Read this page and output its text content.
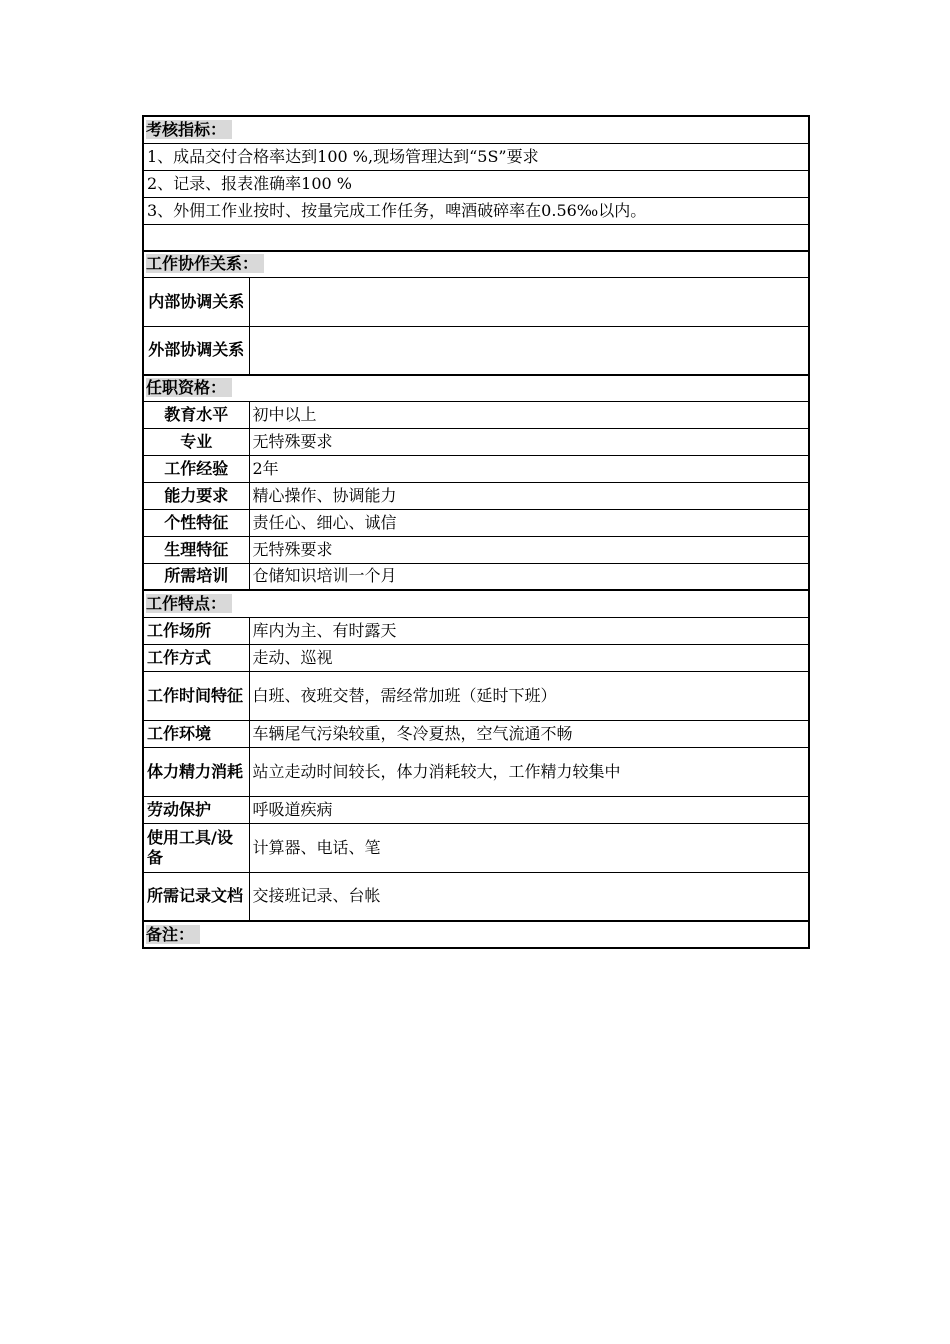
考核指标：	
1、成品交付合格率达到100 %,现场管理达到“5S”要求	
2、记录、报表准确率100 %	
3、外佣工作业按时、按量完成工作任务，啤酒破碎率在0.56‰以内。	

工作协作关系：	
内部协调关系	
外部协调关系	
任职资格：	
教育水平	初中以上
专业	无特殊要求
工作经验	2年
能力要求	精心操作、协调能力
个性特征	责任心、细心、诚信
生理特征	无特殊要求
所需培训	仓储知识培训一个月
工作特点：	
工作场所	库内为主、有时露天
工作方式	走动、巡视
工作时间特征	白班、夜班交替，需经常加班（延时下班）
工作环境	车辆尾气污染较重，冬冷夏热，空气流通不畅
体力精力消耗	站立走动时间较长，体力消耗较大，工作精力较集中
劳动保护	呼吸道疾病
使用工具/设备	计算器、电话、笔
所需记录文档	交接班记录、台帐
备注：	
